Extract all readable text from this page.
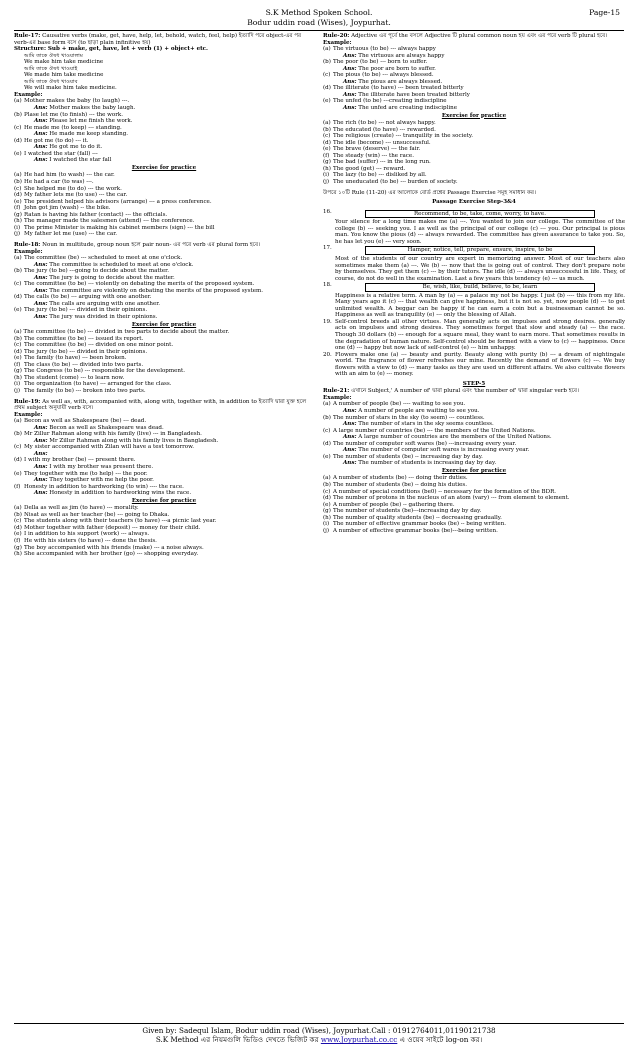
S.K Method Spoken School.
Bodur uddin road (Wises), Joypurhat.
Page-15
Rule-17: Causative verbs (make, get, have, help, let, behold, watch, feel, help) ইত্যাদি পরে object-এর পর verb-এর base form বসে (to ছাড়া plain infinitive হয়)
Structure: Sub + make, get, have, let + verb (1) + object+ etc.
আমি তাকে ঔষধ খাওয়ালাম
We make him take medicine
আমি তাকে ঔষধ খাওয়াই
We made him take medicine
আমি তাকে ঔষধ খাওয়াব
We will make him take medicine.
Example:
(a) Mother makes the baby (to laugh) ---.
Ans: Mother makes the baby laugh.
(b) Plase let me (to finish) --- the work.
Ans: Please let me finish the work.
(c) He made me (to keep) --- standing.
Ans: He made me keep standing.
(d) He got me (to do) --- it.
Ans: He got me to do it.
(e) I watched the star (fall) ---
Ans: I watched the star fall
Exercise for practice
(a) He had him (to wash) --- the car.
(b) He had a car (to was) ---.
(c) She helped me (to do) --- the work.
(d) My father lets me (to use) --- the car.
(e) The president helped his advisors (arrange) --- a press conference.
(f) John got jim (wash) -- the bike.
(g) Ratan is having his father (contact) --- the officials.
(h) The manager made the salesmen (attend) --- the conference.
(i) The prime Minister is making his cabinet members (sign) --- the bill
(j) My father let me (use) --- the car.
Rule-18: Noun in multitude, group noun হলে pair noun- এর পরে verb এর plural form হবে।
Example:
(a) The committee (be) --- scheduled to meet at one o'clock.
Ans: The committee is scheduled to meet at one o'clock.
(b) The jury (to be) ---going to decide about the matter.
Ans: The jury is going to decide about the matter.
(c) The committee (to be) --- violently on debating the merits of the proposed system.
Ans: The committee are violently on debating the merits of the proposed system.
(d) The calls (to be) --- arguing with one another.
Ans: The calls are arguing with one another.
(e) The jury (to be) --- divided in their opinions.
Ans: The jury was divided in their opinions.
Exercise for practice
(a) The committee (to be) --- divided in two parts to decide about the matter.
(b) The committee (to be) --- issued its report.
(c) The committee (to be) --- divided on one minor point.
(d) The jury (to be) --- divided in their opinions.
(e) The family (to have) --- been broken.
(f) The class (to be) --- divided into two parts.
(g) The Congress (to be) --- responsible for the development.
(h) The student (come) --- to learn now.
(i) The organization (to have) --- arranged for the class.
(j) The family (to be) --- broken into two parts.
Rule-19: As well as, with, accompanied with, along with, together with, in addition to ইত্যাদি দ্বারা যুক্ত হলে প্রথম subject অনুযায়ী verb বসে।
Example:
(a) Becon as well as Shakespeare (be) --- dead.
Ans: Becon as well as Shakespeare was dead.
(b) Mr Zillur Rahman along with his family (live) --- in Bangladesh.
Ans: Mr Zillur Rahman along with his family lives in Bangladesh.
(c) My sister accompanied with Zilan will have a test tomorrow.
Ans:
(d) I with my brother (be) --- present there.
Ans: I with my brother was present there.
(e) They together with me (to help) --- the poor.
Ans: They together with me help the poor.
(f) Honesty in addition to hardworking (to win) ---- the race.
Ans: Honesty in addition to hardworking wins the race.
Exercise for practice
(a) Della as well as jim (to have) --- morality.
(b) Nisat as well as her teacher (be) --- going to Dhaka.
(c) The students along with their teachers (to have) ---a picnic last year.
(d) Mother together with father (deposit) --- money for their child.
(e) I in addition to his support (work) --- always.
(f) He with his sisters (to have) --- done the thesis.
(g) The boy accompanied with his friends (make) --- a noise always.
(h) She accompanied with her brother (go) --- shopping everyday.
Rule-20: Adjective এর পূর্বে the বসলে Adjective টি plural common noun হয় এবং এর পরে verb টি plural হবে।
Example:
(a) The virtuous (to be) --- always happy
Ans: The virtuous are always happy
(b) The poor (to be) --- born to suffer.
Ans: The poor are born to suffer.
(c) The pious (to be) --- always blessed.
Ans: The pious are always blessed.
(d) The illiterate (to have) --- been treated bitterly
Ans: The illiterate have been treated bitterly
(e) The unfed (to be) ---creating indiscipline
Ans: The unfed are creating indiscipline
Exercise for practice
(a) The rich (to be) --- not always happy.
(b) The educated (to have) --- rewarded.
(c) The religious (create) --- tranquility in the society.
(d) The idle (become) --- unsuccessful.
(e) The brave (deserve) --- the fair.
(f) The steady (win) --- the race.
(g) The bad (suffer) --- in the long run.
(h) The good (get) --- reward.
(i) The lazy (to be) --- disliked by all.
(j) The uneducated (to be) --- burden of society.
উপরে ১০টি Rule (11-20) এর আলোকে বোর্ড প্রশ্নের Passage Exercise সমূহ সমাধান কর।
Passage Exercise Step-3&4
16.	Recommend, to be, take, come, worry, to have.
Your silence for a long time makes me (a) ---. You wanted to join our college. The committee of the college (b) --- seeking you. I as well as the principal of our college (c) --- you. Our principal is pious man. You know the pious (d) --- always rewarded. The committee has given assurance to take you. So, he has let you (e) --- very soon.
17.	Hamper, notice, tell, prepare, ensure, inspire, to be
Most of the students of our country are expert in memorizing answer. Most of our teachers also sometimes make them (a) ---. We (b) --- now that the is going out of control. They don't prepare note by themselves. They get them (c) --- by their tutors. The idle (d) --- always unsuccessful in life. They, of course, do not do well in the examination. Last a few years this tendency (e) --- us much.
18.	Be, wish, like, build, believe, to be, learn
Happiness is a relative term. A man by (a) --- a palace my not be happy. I just (b) ---- this from my life. Many years ago it (c) --- that wealth can give happiness, but it is not so. yet, now people (d) --- to get unlimited wealth. A beggar can be happy if he can earn a coin but a businessman cannot be so. Happiness as well as tranquility (e) --- only the blessing of Allah.
19. Self-control breeds all other virtues. Man generally acts on impulses and strong desires. generally acts on impulses and strong desires. They sometimes forget that slow and steady (a) --- the race. Though 30 dollars (b) --- enough for a square meal, they want to earn more. That sometimes results in the degradation of human nature. Self-control should be formed with a view to (c) --- happiness. Once one (d) --- happy but now lack of self-control (e) --- him unhappy.
20. Flowers make one (a) --- beauty and purity. Beauty along with purity (b) --- a dream of nightingale world. The fragrance of flower refreshes our mine. Recently the demand of flowers (c) ---. We buy flowers with a view to (d) --- many tasks as they are used un different affairs. We also cultivate flowers with an aim to (e) --- money.
STEP-5
Rule-21: এখানে Subject,' A number of' দ্বারা plural এবং 'the number of' দ্বারা singular verb হবে।
Example:
(a) A number of people (be) ---- waiting to see you.
Ans: A number of people are waiting to see you.
(b) The number of stars in the sky (to seem) --- countless.
Ans: The number of stars in the sky seems countless.
(c) A large number of countries (be) --- the members of the United Nations.
Ans: A large number of countries are the members of the United Nations.
(d) The number of computer soft wares (be) ---increasing every year.
Ans: The number of computer soft wares is increasing every year.
(e) The number of students (be) -- increasing day by day.
Ans: The number of students is increasing day by day.
Exercise for practice
(a) A number of students (be) --- doing their duties.
(b) The number of students (be) -- doing his duties.
(c) A number of special conditions (be0) -- necessary for the formation of the BDR.
(d) The number of protons in the nucleus of an atom (vary) --- from element to element.
(e) A number of people (be) -- gathering there.
(g) The number of students (be)---increasing day by day.
(h) The number of quality students (be) -- decreasing gradually.
(i) The number of effective grammar books (be) -- being written.
(j) A number of effective grammar books (be)---being written.
Given by: Sadequl Islam, Bodur uddin road (Wises), Joypurhat.Call : 01912764011,01190121738
S.K Method এর নিয়মগুলি ভিডিও দেখতে ভিজিট কর www.Joypurhat.co.cc এ ওয়েব সাইটে log-on কর।
